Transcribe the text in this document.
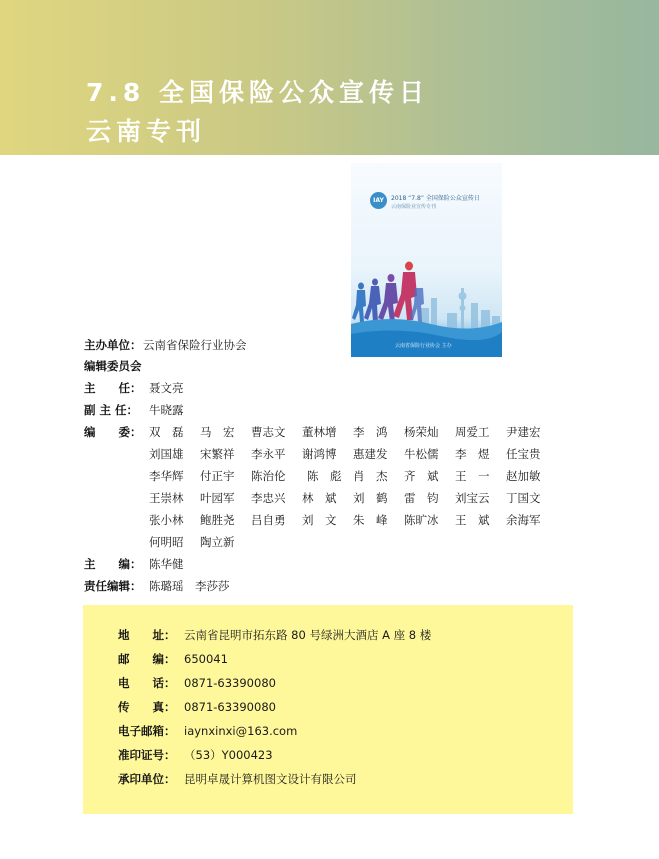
7.8 全国保险公众宣传日
云南专刊
IAY	2018 “7.8” 全国保险公众宣传日
云南保险业宣传专刊
云南省保险行业协会 主办
主办单位： 云南省保险行业协会
编辑委员会
主　　任： 聂文亮
副 主 任： 牛晓露
编　　委： 双　磊 马　宏 曹志文 董林增 李　鸿 杨荣灿 周爱工 尹建宏
刘国雄 宋繁祥 李永平 谢鸿博 惠建发 牛松儒 李　煜 任宝贵
李华辉 付正宇 陈治伦 陈　彪 肖　杰 齐　斌 王　一 赵加敏
王崇林 叶园军 李忠兴 林　斌 刘　鹤 雷　钧 刘宝云 丁国文
张小林 鲍胜尧 吕自勇 刘　文 朱　峰 陈旷冰 王　斌 余海军
何明昭 陶立新
主　　编： 陈华健
责任编辑： 陈璐瑶　李莎莎
地　　址： 云南省昆明市拓东路 80 号绿洲大酒店 A 座 8 楼
邮　　编： 650041
电　　话： 0871-63390080
传　　真： 0871-63390080
电子邮箱： iaynxinxi@163.com
准印证号： （53）Y000423
承印单位： 昆明卓晟计算机图文设计有限公司
